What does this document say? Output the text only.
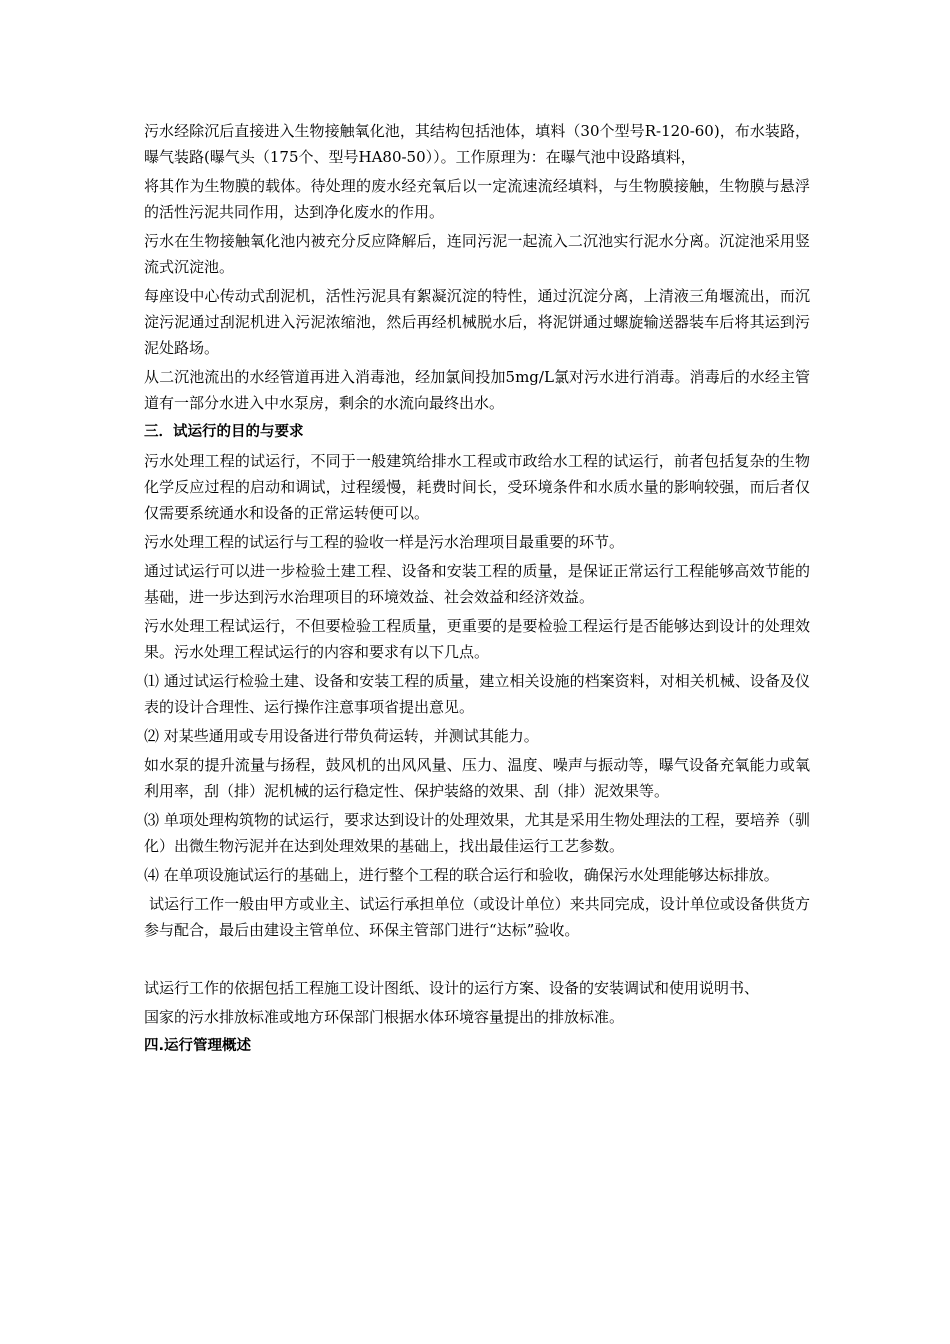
污水经除沉后直接进入生物接触氧化池，其结构包括池体，填料（30个型号R-120-60)，布水装路，曝气装路(曝气头（175个、型号HA80-50））。工作原理为：在曝气池中设路填料，

将其作为生物膜的载体。待处理的废水经充氧后以一定流速流经填料，与生物膜接触，生物膜与悬浮的活性污泥共同作用，达到净化废水的作用。

污水在生物接触氧化池内被充分反应降解后，连同污泥一起流入二沉池实行泥水分离。沉淀池采用竖流式沉淀池。

每座设中心传动式刮泥机，活性污泥具有絮凝沉淀的特性，通过沉淀分离，上清液三角堰流出，而沉淀污泥通过刮泥机进入污泥浓缩池，然后再经机械脱水后，将泥饼通过螺旋输送器装车后将其运到污泥处路场。

从二沉池流出的水经管道再进入消毒池，经加氯间投加5mg/L氯对污水进行消毒。消毒后的水经主管道有一部分水进入中水泵房，剩余的水流向最终出水。

三．试运行的目的与要求

污水处理工程的试运行，不同于一般建筑给排水工程或市政给水工程的试运行，前者包括复杂的生物化学反应过程的启动和调试，过程缓慢，耗费时间长，受环境条件和水质水量的影响较强，而后者仅仅需要系统通水和设备的正常运转便可以。

污水处理工程的试运行与工程的验收一样是污水治理项目最重要的环节。

通过试运行可以进一步检验土建工程、设备和安装工程的质量，是保证正常运行工程能够高效节能的基础，进一步达到污水治理项目的环境效益、社会效益和经济效益。

污水处理工程试运行，不但要检验工程质量，更重要的是要检验工程运行是否能够达到设计的处理效果。污水处理工程试运行的内容和要求有以下几点。

⑴ 通过试运行检验土建、设备和安装工程的质量，建立相关设施的档案资料，对相关机械、设备及仪表的设计合理性、运行操作注意事项省提出意见。

⑵ 对某些通用或专用设备进行带负荷运转，并测试其能力。

如水泵的提升流量与扬程，鼓风机的出风风量、压力、温度、噪声与振动等，曝气设备充氧能力或氧利用率，刮（排）泥机械的运行稳定性、保护装絡的效果、刮（排）泥效果等。

⑶ 单项处理构筑物的试运行，要求达到设计的处理效果，尤其是采用生物处理法的工程，要培养（驯化）出微生物污泥并在达到处理效果的基础上，找出最佳运行工艺参数。

⑷ 在单项设施试运行的基础上，进行整个工程的联合运行和验收，确保污水处理能够达标排放。

试运行工作一般由甲方或业主、试运行承担单位（或设计单位）来共同完成，设计单位或设备供货方参与配合，最后由建设主管单位、环保主管部门进行“达标”验收。

试运行工作的依据包括工程施工设计图纸、设计的运行方案、设备的安装调试和使用说明书、

国家的污水排放标准或地方环保部门根据水体环境容量提出的排放标准。

四.运行管理概述
